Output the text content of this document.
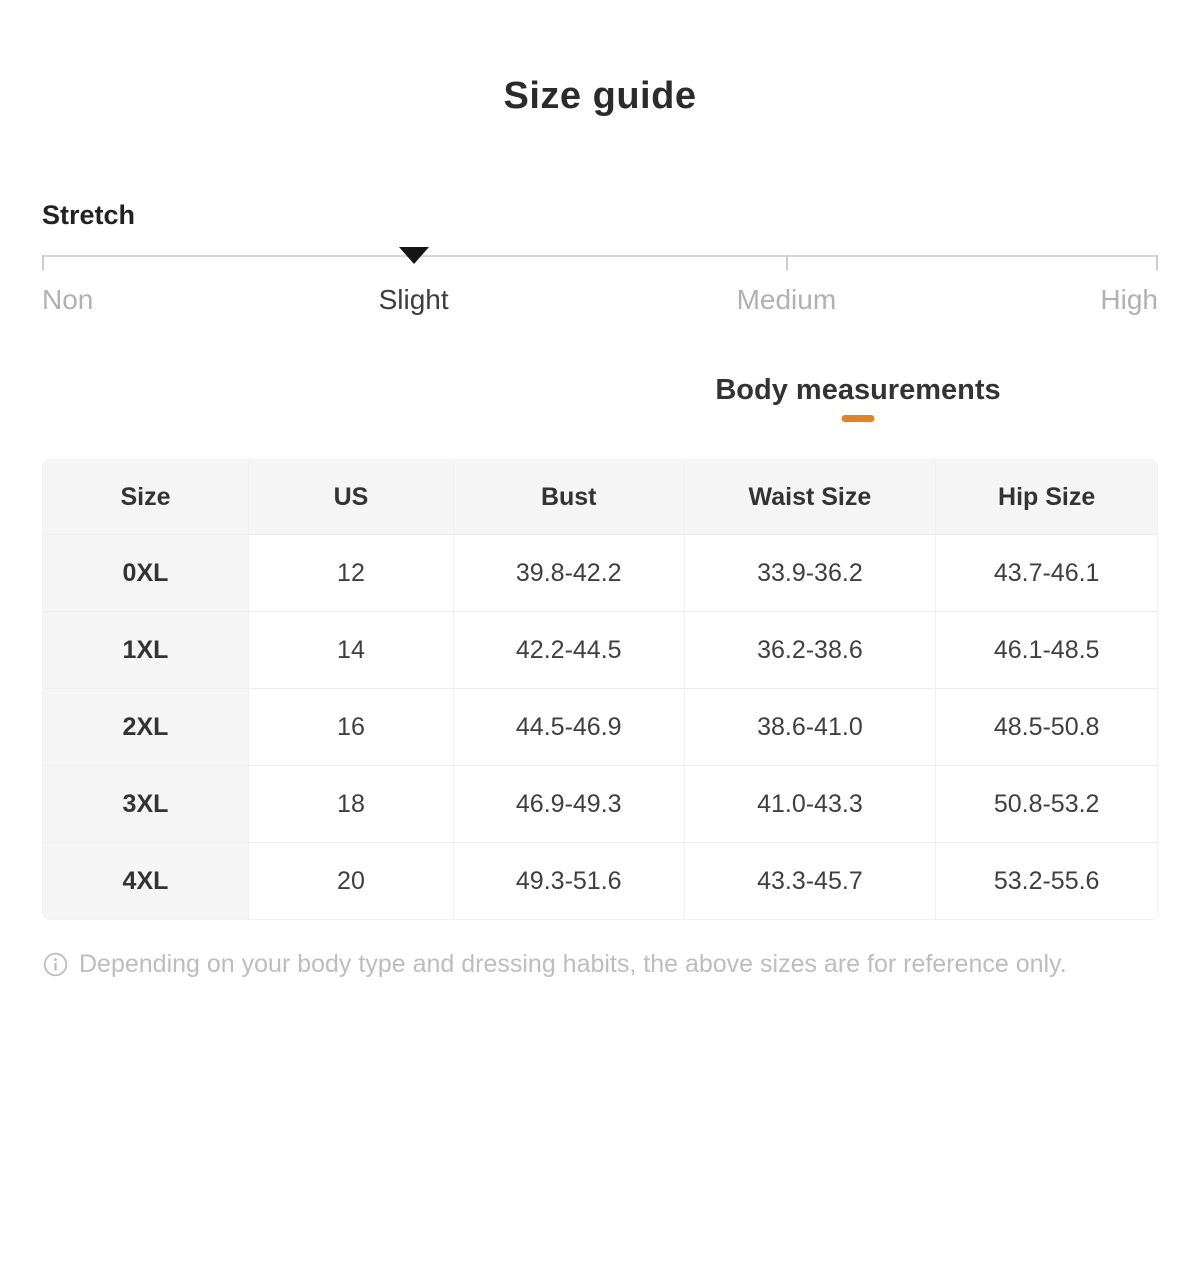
Size guide
Stretch
Non	Slight	Medium	High
Body measurements
Size	US	Bust	Waist Size	Hip Size
0XL	12	39.8-42.2	33.9-36.2	43.7-46.1
1XL	14	42.2-44.5	36.2-38.6	46.1-48.5
2XL	16	44.5-46.9	38.6-41.0	48.5-50.8
3XL	18	46.9-49.3	41.0-43.3	50.8-53.2
4XL	20	49.3-51.6	43.3-45.7	53.2-55.6
Depending on your body type and dressing habits, the above sizes are for reference only.
